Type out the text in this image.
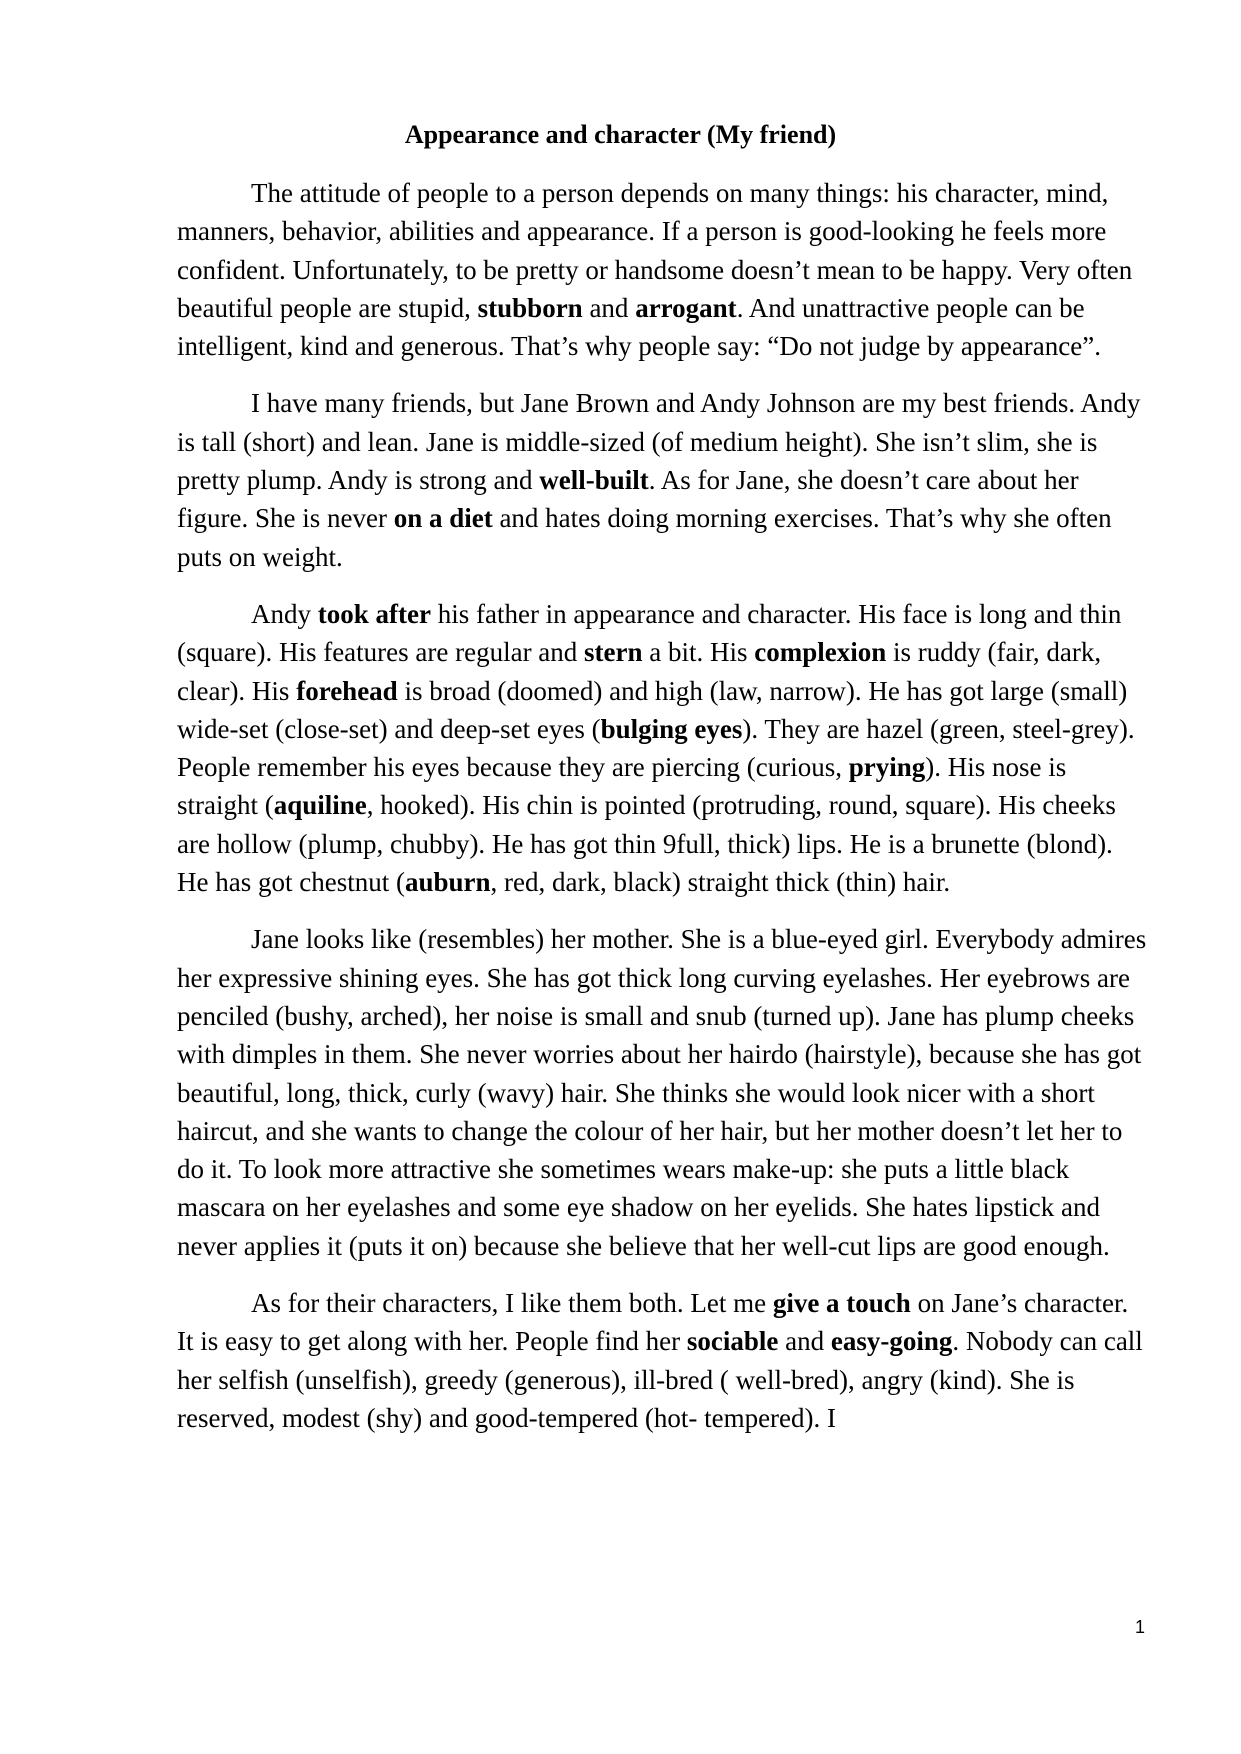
Appearance and character (My friend)

The attitude of people to a person depends on many things: his character, mind, manners, behavior, abilities and appearance. If a person is good-looking he feels more confident. Unfortunately, to be pretty or handsome doesn’t mean to be happy. Very often beautiful people are stupid, stubborn and arrogant. And unattractive people can be intelligent, kind and generous. That’s why people say: “Do not judge by appearance”.

I have many friends, but Jane Brown and Andy Johnson are my best friends. Andy is tall (short) and lean. Jane is middle-sized (of medium height). She isn’t slim, she is pretty plump. Andy is strong and well-built. As for Jane, she doesn’t care about her figure. She is never on a diet and hates doing morning exercises. That’s why she often puts on weight.

Andy took after his father in appearance and character. His face is long and thin (square). His features are regular and stern a bit. His complexion is ruddy (fair, dark, clear). His forehead is broad (doomed) and high (law, narrow). He has got large (small) wide-set (close-set) and deep-set eyes (bulging eyes). They are hazel (green, steel-grey). People remember his eyes because they are piercing (curious, prying). His nose is straight (aquiline, hooked). His chin is pointed (protruding, round, square). His cheeks are hollow (plump, chubby). He has got thin 9full, thick) lips. He is a brunette (blond). He has got chestnut (auburn, red, dark, black) straight thick (thin) hair.

Jane looks like (resembles) her mother. She is a blue-eyed girl. Everybody admires her expressive shining eyes. She has got thick long curving eyelashes. Her eyebrows are penciled (bushy, arched), her noise is small and snub (turned up). Jane has plump cheeks with dimples in them. She never worries about her hairdo (hairstyle), because she has got beautiful, long, thick, curly (wavy) hair. She thinks she would look nicer with a short haircut, and she wants to change the colour of her hair, but her mother doesn’t let her to do it. To look more attractive she sometimes wears make-up: she puts a little black mascara on her eyelashes and some eye shadow on her eyelids. She hates lipstick and never applies it (puts it on) because she believe that her well-cut lips are good enough.

As for their characters, I like them both. Let me give a touch on Jane’s character. It is easy to get along with her. People find her sociable and easy-going. Nobody can call her selfish (unselfish), greedy (generous), ill-bred ( well-bred), angry (kind). She is reserved, modest (shy) and good-tempered (hot- tempered). I

1
